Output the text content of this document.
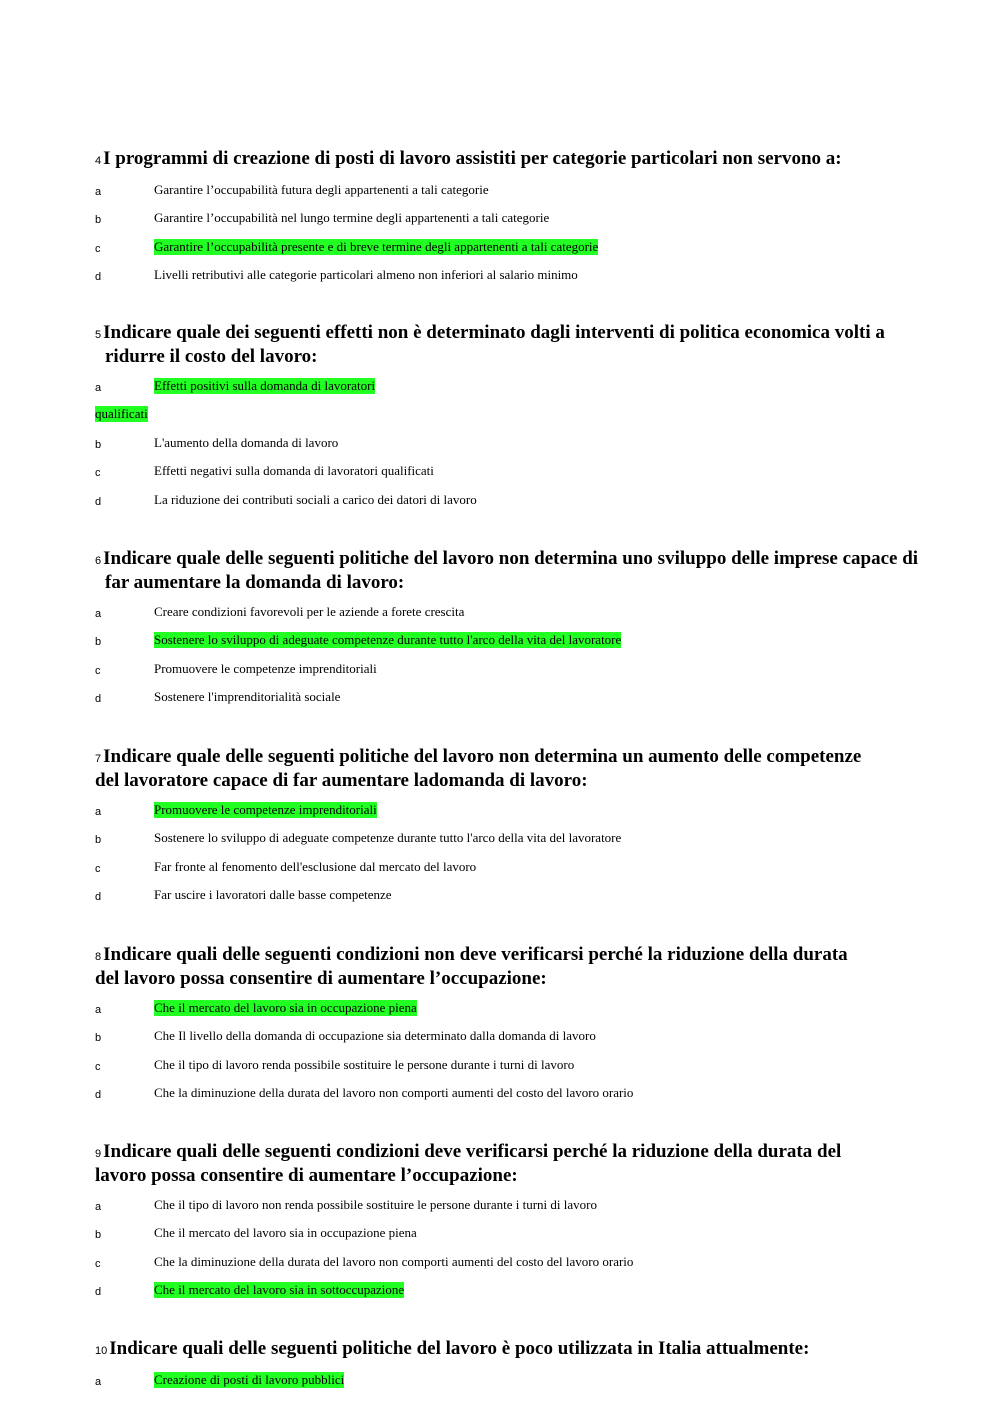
4 I programmi di creazione di posti di lavoro assistiti per categorie particolari non servono a:
a	Garantire l’occupabilità futura degli appartenenti a tali categorie
b	Garantire l’occupabilità nel lungo termine degli appartenenti a tali categorie
c	Garantire l’occupabilità presente e di breve termine degli appartenenti a tali categorie
d	Livelli retributivi alle categorie particolari almeno non inferiori al salario minimo
5 Indicare quale dei seguenti effetti non è determinato dagli interventi di politica economica volti a
ridurre il costo del lavoro:
a	Effetti positivi sulla domanda di lavoratori
qualificati
b	L'aumento della domanda di lavoro
c	Effetti negativi sulla domanda di lavoratori qualificati
d	La riduzione dei contributi sociali a carico dei datori di lavoro
6 Indicare quale delle seguenti politiche del lavoro non determina uno sviluppo delle imprese capace di
far aumentare la domanda di lavoro:
a	Creare condizioni favorevoli per le aziende a forete crescita
b	Sostenere lo sviluppo di adeguate competenze durante tutto l'arco della vita del lavoratore
c	Promuovere le competenze imprenditoriali
d	Sostenere l'imprenditorialità sociale
7 Indicare quale delle seguenti politiche del lavoro non determina un aumento delle competenze
del lavoratore capace di far aumentare ladomanda di lavoro:
a	Promuovere le competenze imprenditoriali
b	Sostenere lo sviluppo di adeguate competenze durante tutto l'arco della vita del lavoratore
c	Far fronte al fenomento dell'esclusione dal mercato del lavoro
d	Far uscire i lavoratori dalle basse competenze
8 Indicare quali delle seguenti condizioni non deve verificarsi perché la riduzione della durata
del lavoro possa consentire di aumentare l’occupazione:
a	Che il mercato del lavoro sia in occupazione piena
b	Che Il livello della domanda di occupazione sia determinato dalla domanda di lavoro
c	Che il tipo di lavoro renda possibile sostituire le persone durante i turni di lavoro
d	Che la diminuzione della durata del lavoro non comporti aumenti del costo del lavoro orario
9 Indicare quali delle seguenti condizioni deve verificarsi perché la riduzione della durata del
lavoro possa consentire di aumentare l’occupazione:
a	Che il tipo di lavoro non renda possibile sostituire le persone durante i turni di lavoro
b	Che il mercato del lavoro sia in occupazione piena
c	Che la diminuzione della durata del lavoro non comporti aumenti del costo del lavoro orario
d	Che il mercato del lavoro sia in sottoccupazione
10 Indicare quali delle seguenti politiche del lavoro è poco utilizzata in Italia attualmente:
a	Creazione di posti di lavoro pubblici
